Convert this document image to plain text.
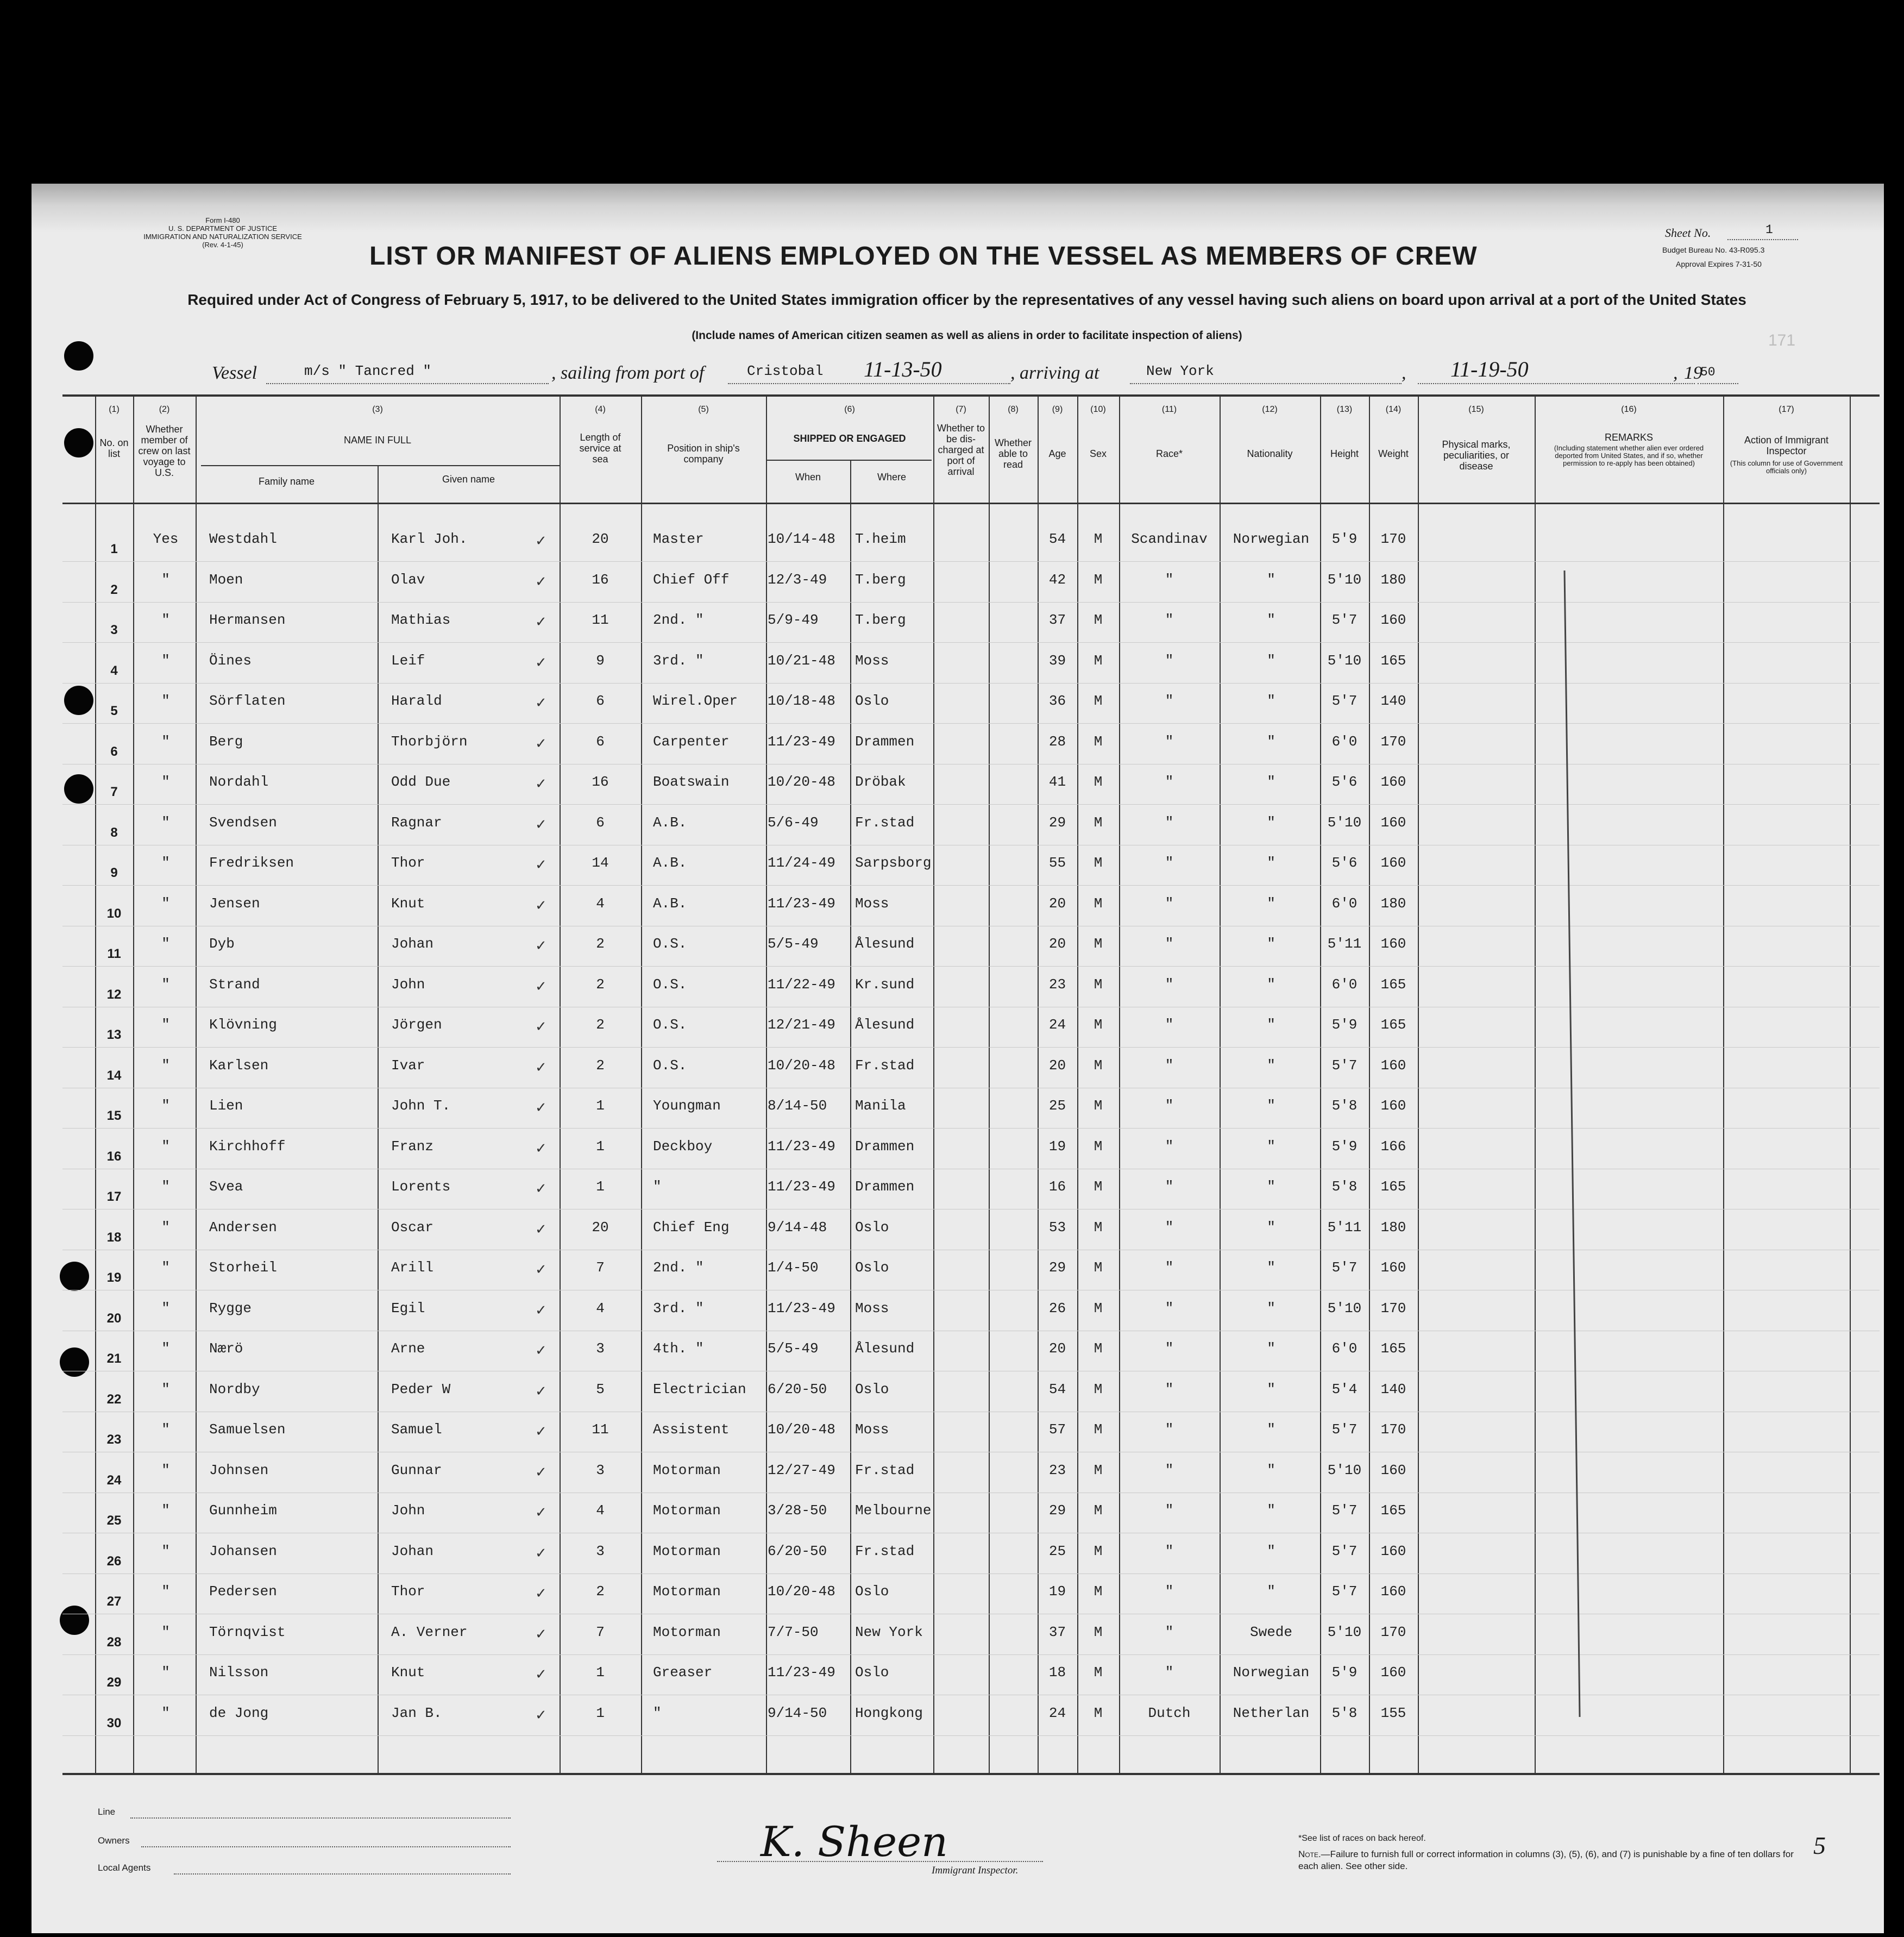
Form I-480
U. S. DEPARTMENT OF JUSTICE
IMMIGRATION AND NATURALIZATION SERVICE
(Rev. 4-1-45)	LIST OR MANIFEST OF ALIENS EMPLOYED ON THE VESSEL AS MEMBERS OF CREW
Sheet No.	1
Budget Bureau No. 43-R095.3
Approval Expires 7-31-50
171
Required under Act of Congress of February 5, 1917, to be delivered to the United States immigration officer by the representatives of any vessel having such aliens on board upon arrival at a port of the United States
(Include names of American citizen seamen as well as aliens in order to facilitate inspection of aliens)
Vessel	m/s " Tancred "	, sailing from port of	Cristobal 11-13-50	, arriving at	New York	, 11-19-50	, 19
50
(1)
No. on list
(2)
Whether member of crew on last voyage to U.S.
(3)
NAME IN FULL
Family name	Given name
(4)
Length of service at sea
(5)
Position in ship's company
(6)
SHIPPED OR ENGAGED
When	Where
(7)
Whether to be dis-charged at port of arrival
(8)
Whether able to read
(9)
Age
(10)
Sex
(11)
Race*
(12)
Nationality
(13)
Height
(14)
Weight
(15)
Physical marks, peculiarities, or disease
(16)
REMARKS
(Including statement whether alien ever ordered deported from United States, and if so, whether permission to re-apply has been obtained)
(17)
Action of Immigrant Inspector
(This column for use of Government officials only)
1
Yes	Westdahl	Karl Joh.	20	Master	10/14-48 T.heim	54	M	Scandinav	Norwegian	5'9	170
✓
2
"	Moen	Olav	16	Chief Off	12/3-49 T.berg	42	M	"	"	5'10	180
✓
3
"	Hermansen	Mathias	11	2nd. "	5/9-49	T.berg	37	M	"	"	5'7	160
✓
4
"	Öines	Leif	9	3rd. "	10/21-48 Moss	39	M	"	"	5'10	165
✓
5
"	Sörflaten	Harald	6	Wirel.Oper 10/18-48 Oslo	36	M	"	"	5'7	140
✓
6
"	Berg	Thorbjörn	6	Carpenter	11/23-49 Drammen	28	M	"	"	6'0	170
✓
7
"	Nordahl	Odd Due	16	Boatswain	10/20-48 Dröbak	41	M	"	"	5'6	160
✓
8
"	Svendsen	Ragnar	6	A.B.	5/6-49	Fr.stad	29	M	"	"	5'10	160
✓
9
"	Fredriksen	Thor	14	A.B.	11/24-49 Sarpsborg	55	M	"	"	5'6	160
✓
10
"	Jensen	Knut	4	A.B.	11/23-49 Moss	20	M	"	"	6'0	180
✓
11
"	Dyb	Johan	2	O.S.	5/5-49	Ålesund	20	M	"	"	5'11	160
✓
12
"	Strand	John	2	O.S.	11/22-49 Kr.sund	23	M	"	"	6'0	165
✓
13
"	Klövning	Jörgen	2	O.S.	12/21-49 Ålesund	24	M	"	"	5'9	165
✓
14
"	Karlsen	Ivar	2	O.S.	10/20-48 Fr.stad	20	M	"	"	5'7	160
✓
15
"	Lien	John T.	1	Youngman	8/14-50 Manila	25	M	"	"	5'8	160
✓
16
"	Kirchhoff	Franz	1	Deckboy	11/23-49 Drammen	19	M	"	"	5'9	166
✓
17
"	Svea	Lorents	1	"	11/23-49 Drammen	16	M	"	"	5'8	165
✓
18
"	Andersen	Oscar	20	Chief Eng	9/14-48 Oslo	53	M	"	"	5'11	180
✓
19
"	Storheil	Arill	7	2nd. "	1/4-50	Oslo	29	M	"	"	5'7	160
✓
20
"	Rygge	Egil	4	3rd. "	11/23-49 Moss	26	M	"	"	5'10	170
✓
21
"	Nærö	Arne	3	4th. "	5/5-49	Ålesund	20	M	"	"	6'0	165
✓
22
"	Nordby	Peder W	5	Electrician 6/20-50 Oslo	54	M	"	"	5'4	140
✓
23
"	Samuelsen	Samuel	11	Assistent	10/20-48 Moss	57	M	"	"	5'7	170
✓
24
"	Johnsen	Gunnar	3	Motorman	12/27-49 Fr.stad	23	M	"	"	5'10	160
✓
25
"	Gunnheim	John	4	Motorman	3/28-50 Melbourne	29	M	"	"	5'7	165
✓
26
"	Johansen	Johan	3	Motorman	6/20-50 Fr.stad	25	M	"	"	5'7	160
✓
27
"	Pedersen	Thor	2	Motorman	10/20-48 Oslo	19	M	"	"	5'7	160
✓
28
"	Törnqvist	A. Verner	7	Motorman	7/7-50	New York	37	M	"	Swede	5'10	170
✓
29
"	Nilsson	Knut	1	Greaser	11/23-49 Oslo	18	M	"	Norwegian	5'9	160
✓
30
"	de Jong	Jan B.	1	"	9/14-50 Hongkong	24	M	Dutch	Netherlan	5'8	155
✓
Line
Owners
Local Agents
K. Sheen
Immigrant Inspector.
*See list of races on back hereof.
Note.—Failure to furnish full or correct information in columns (3), (5), (6), and (7) is punishable by a fine of ten dollars for each alien. See other side.
5
